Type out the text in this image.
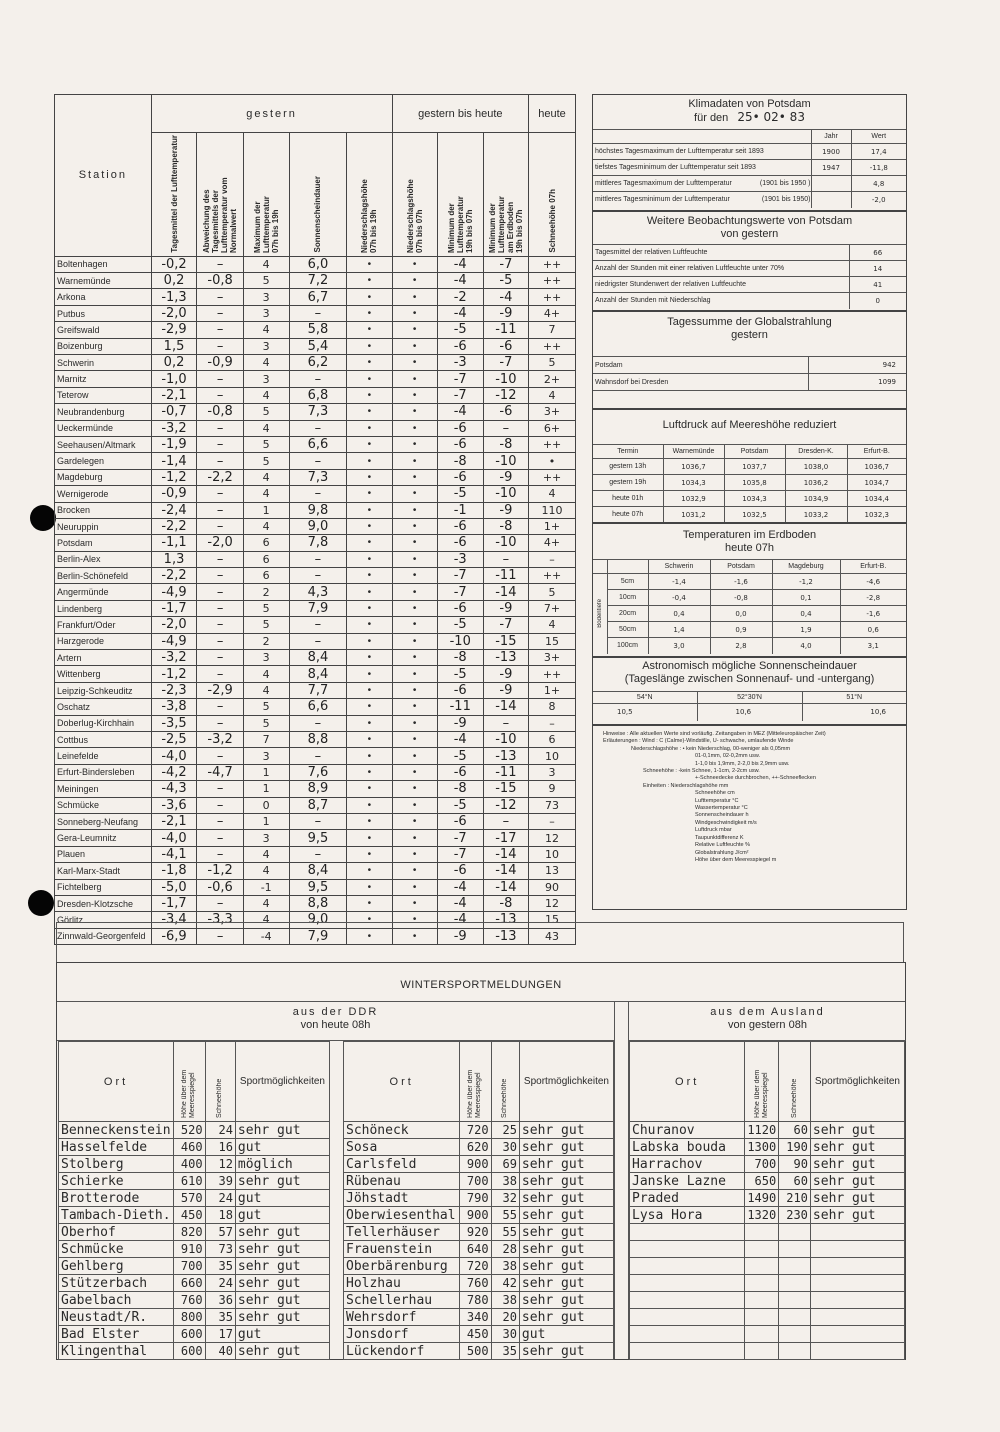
Station	gestern					gestern bis heute			heute

	Tagesmittel der Lufttemperatur	Abweichung des Tagesmittels der Lufttemperatur vom Normalwert	Maximum der Lufttemperatur 07h bis 19h	Sonnenscheindauer	Niederschlagshöhe 07h bis 19h	Niederschlagshöhe 07h bis 07h	Minimum der Lufttemperatur 19h bis 07h	Minimum der Lufttemperatur am Erdboden 19h bis 07h	Schneehöhe 07h

Boltenhagen	-0,2	–	4	6,0	•	•	-4	-7	++
Warnemünde	0,2	-0,8	5	7,2	•	•	-4	-5	++
Arkona	-1,3	–	3	6,7	•	•	-2	-4	++
Putbus	-2,0	–	3	–	•	•	-4	-9	4+
Greifswald	-2,9	–	4	5,8	•	•	-5	-11	7
Boizenburg	1,5	–	3	5,4	•	•	-6	-6	++
Schwerin	0,2	-0,9	4	6,2	•	•	-3	-7	5
Marnitz	-1,0	–	3	–	•	•	-7	-10	2+
Teterow	-2,1	–	4	6,8	•	•	-7	-12	4
Neubrandenburg	-0,7	-0,8	5	7,3	•	•	-4	-6	3+
Ueckermünde	-3,2	–	4	–	•	•	-6	–	6+
Seehausen/Altmark	-1,9	–	5	6,6	•	•	-6	-8	++
Gardelegen	-1,4	–	5	–	•	•	-8	-10	•
Magdeburg	-1,2	-2,2	4	7,3	•	•	-6	-9	++
Wernigerode	-0,9	–	4	–	•	•	-5	-10	4
Brocken	-2,4	–	1	9,8	•	•	-1	-9	110
Neuruppin	-2,2	–	4	9,0	•	•	-6	-8	1+
Potsdam	-1,1	-2,0	6	7,8	•	•	-6	-10	4+
Berlin-Alex	1,3	–	6	–	•	•	-3	–	–
Berlin-Schönefeld	-2,2	–	6	–	•	•	-7	-11	++
Angermünde	-4,9	–	2	4,3	•	•	-7	-14	5
Lindenberg	-1,7	–	5	7,9	•	•	-6	-9	7+
Frankfurt/Oder	-2,0	–	5	–	•	•	-5	-7	4
Harzgerode	-4,9	–	2	–	•	•	-10	-15	15
Artern	-3,2	–	3	8,4	•	•	-8	-13	3+
Wittenberg	-1,2	–	4	8,4	•	•	-5	-9	++
Leipzig-Schkeuditz	-2,3	-2,9	4	7,7	•	•	-6	-9	1+
Oschatz	-3,8	–	5	6,6	•	•	-11	-14	8
Doberlug-Kirchhain	-3,5	–	5	–	•	•	-9	–	–
Cottbus	-2,5	-3,2	7	8,8	•	•	-4	-10	6
Leinefelde	-4,0	–	3	–	•	•	-5	-13	10
Erfurt-Bindersleben	-4,2	-4,7	1	7,6	•	•	-6	-11	3
Meiningen	-4,3	–	1	8,9	•	•	-8	-15	9
Schmücke	-3,6	–	0	8,7	•	•	-5	-12	73
Sonneberg-Neufang	-2,1	–	1	–	•	•	-6	–	–
Gera-Leumnitz	-4,0	–	3	9,5	•	•	-7	-17	12
Plauen	-4,1	–	4	–	•	•	-7	-14	10
Karl-Marx-Stadt	-1,8	-1,2	4	8,4	•	•	-6	-14	13
Fichtelberg	-5,0	-0,6	-1	9,5	•	•	-4	-14	90
Dresden-Klotzsche	-1,7	–	4	8,8	•	•	-4	-8	12
Görlitz	-3,4	-3,3	4	9,0	•	•	-4	-13	15
Zinnwald-Georgenfeld	-6,9	–	-4	7,9	•	•	-9	-13	43
Klimadaten von Potsdam
für den 25• 02• 83
	Jahr	Wert
höchstes Tagesmaximum der Lufttemperatur seit 1893	1900	17,4
tiefstes Tagesminimum der Lufttemperatur seit 1893	1947	-11,8
mittleres Tagesmaximum der Lufttemperatur (1901 bis 1950 )		4,8
mittleres Tagesminimum der Lufttemperatur (1901 bis 1950)		-2,0
Weitere Beobachtungswerte von Potsdam
von gestern
Tagesmittel der relativen Luftfeuchte	66
Anzahl der Stunden mit einer relativen Luftfeuchte unter 70%	14
niedrigster Stundenwert der relativen Luftfeuchte	41
Anzahl der Stunden mit Niederschlag	0
Tagessumme der Globalstrahlung
gestern
Potsdam	942
Wahnsdorf bei Dresden	1099
Luftdruck auf Meereshöhe reduziert
Termin	Warnemünde	Potsdam	Dresden-K.	Erfurt-B.
gestern 13h	1036,7	1037,7	1038,0	1036,7
gestern 19h	1034,3	1035,8	1036,2	1034,7
heute 01h	1032,9	1034,3	1034,9	1034,4
heute 07h	1031,2	1032,5	1033,2	1032,3
Temperaturen im Erdboden
heute 07h
		Schwerin	Potsdam	Magdeburg	Erfurt-B.

Bodentiefe	5cm	-1,4	-1,6	-1,2	-4,6
	10cm	-0,4	-0,8	0,1	-2,8
	20cm	0,4	0,0	0,4	-1,6
	50cm	1,4	0,9	1,9	0,6
	100cm	3,0	2,8	4,0	3,1
Astronomisch mögliche Sonnenscheindauer
(Tageslänge zwischen Sonnenauf- und -untergang)
54°N	52°30'N	51°N
10,5	10,6	10,6
Hinweise : Alle aktuellen Werte sind vorläufig. Zeitangaben in MEZ (Mitteleuropäischer Zeit)
Erläuterungen : Wind : C (Calme)-Windstille, U- schwache, umlaufende Winde
Niederschlagshöhe : • kein Niederschlag, 00-weniger als 0,05mm
01-0,1mm, 02-0,2mm usw.
1-1,0 bis 1,9mm, 2-2,0 bis 2,9mm usw.
Schneehöhe : -kein Schnee, 1-1cm, 2-2cm usw.
+-Schneedecke durchbrochen, ++-Schneeflecken
Einheiten : Niederschlagshöhe mm
Schneehöhe cm
Lufttemperatur °C
Wassertemperatur °C
Sonnenscheindauer h
Windgeschwindigkeit m/s
Luftdruck mbar
Taupunktdifferenz K
Relative Luftfeuchte %
Globalstrahlung J/cm²
Höhe über dem Meeresspiegel m
WINTERSPORTMELDUNGEN
aus der DDR
von heute 08h
aus dem Ausland
von gestern 08h
Ort	Höhe über dem Meeresspiegel	Schneehöhe	Sportmöglichkeiten
Benneckenstein	520	24	sehr gut
Hasselfelde	460	16	gut
Stolberg	400	12	möglich
Schierke	610	39	sehr gut
Brotterode	570	24	gut
Tambach-Dieth.	450	18	gut
Oberhof	820	57	sehr gut
Schmücke	910	73	sehr gut
Gehlberg	700	35	sehr gut
Stützerbach	660	24	sehr gut
Gabelbach	760	36	sehr gut
Neustadt/R.	800	35	sehr gut
Bad Elster	600	17	gut
Klingenthal	600	40	sehr gut
Ort	Höhe über dem Meeresspiegel	Schneehöhe	Sportmöglichkeiten
Schöneck	720	25	sehr gut
Sosa	620	30	sehr gut
Carlsfeld	900	69	sehr gut
Rübenau	700	38	sehr gut
Jöhstadt	790	32	sehr gut
Oberwiesenthal	900	55	sehr gut
Tellerhäuser	920	55	sehr gut
Frauenstein	640	28	sehr gut
Oberbärenburg	720	38	sehr gut
Holzhau	760	42	sehr gut
Schellerhau	780	38	sehr gut
Wehrsdorf	340	20	sehr gut
Jonsdorf	450	30	gut
Lückendorf	500	35	sehr gut
Ort	Höhe über dem Meeresspiegel	Schneehöhe	Sportmöglichkeiten
Churanov	1120	60	sehr gut
Labska bouda	1300	190	sehr gut
Harrachov	700	90	sehr gut
Janske Lazne	650	60	sehr gut
Praded	1490	210	sehr gut
Lysa Hora	1320	230	sehr gut
